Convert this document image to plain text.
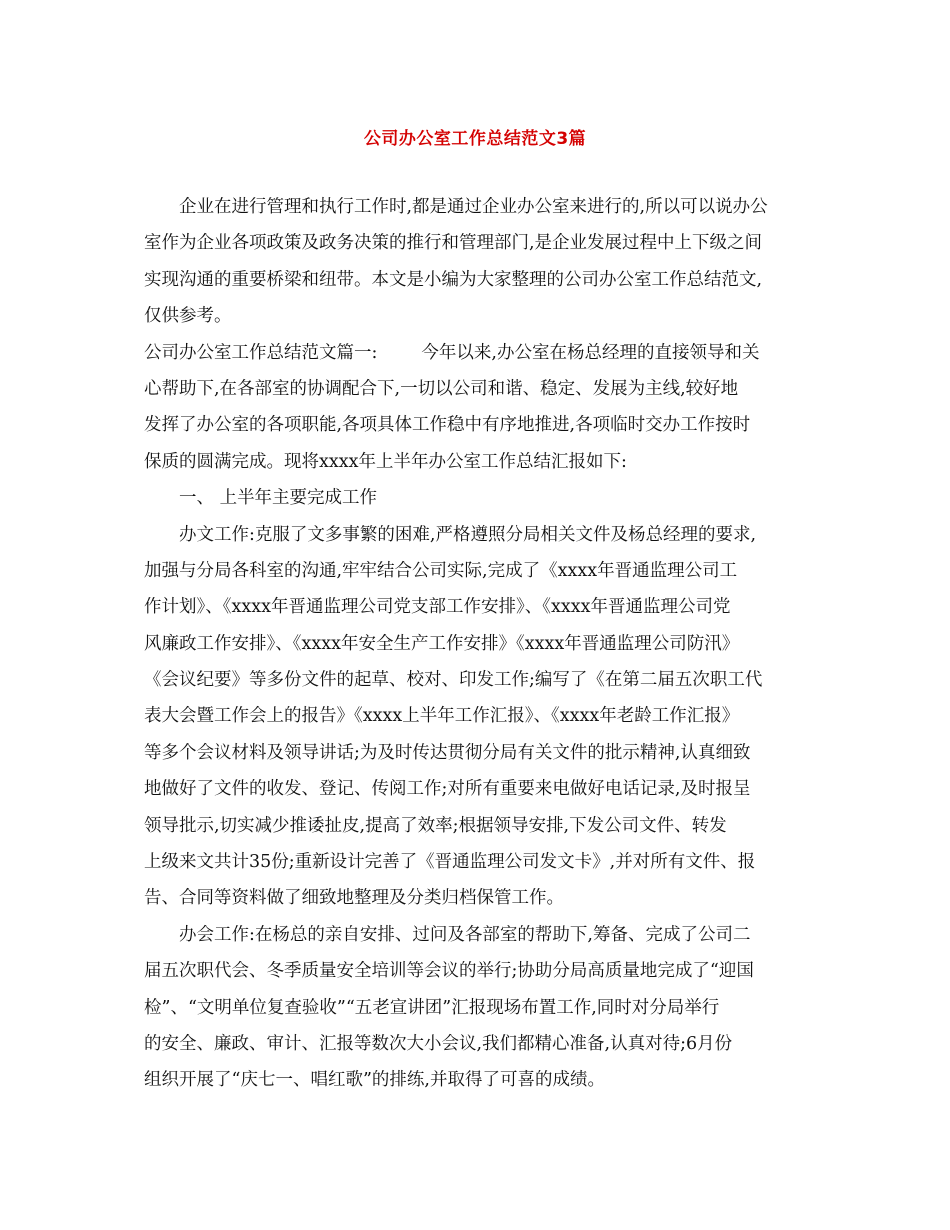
公司办公室工作总结范文3篇
企业在进行管理和执行工作时,都是通过企业办公室来进行的,所以可以说办公
室作为企业各项政策及政务决策的推行和管理部门,是企业发展过程中上下级之间
实现沟通的重要桥梁和纽带。本文是小编为大家整理的公司办公室工作总结范文,
仅供参考。
公司办公室工作总结范文篇一:	今年以来,办公室在杨总经理的直接领导和关
心帮助下,在各部室的协调配合下,一切以公司和谐、稳定、发展为主线,较好地
发挥了办公室的各项职能,各项具体工作稳中有序地推进,各项临时交办工作按时
保质的圆满完成。现将xxxx年上半年办公室工作总结汇报如下:
一、 上半年主要完成工作
办文工作:克服了文多事繁的困难,严格遵照分局相关文件及杨总经理的要求,
加强与分局各科室的沟通,牢牢结合公司实际,完成了《xxxx年晋通监理公司工
作计划》、《xxxx年晋通监理公司党支部工作安排》、《xxxx年晋通监理公司党
风廉政工作安排》、《xxxx年安全生产工作安排》《xxxx年晋通监理公司防汛》
《会议纪要》等多份文件的起草、校对、印发工作;编写了《在第二届五次职工代
表大会暨工作会上的报告》《xxxx上半年工作汇报》、《xxxx年老龄工作汇报》
等多个会议材料及领导讲话;为及时传达贯彻分局有关文件的批示精神,认真细致
地做好了文件的收发、登记、传阅工作;对所有重要来电做好电话记录,及时报呈
领导批示,切实减少推诿扯皮,提高了效率;根据领导安排,下发公司文件、转发
上级来文共计35份;重新设计完善了《晋通监理公司发文卡》,并对所有文件、报
告、合同等资料做了细致地整理及分类归档保管工作。
办会工作:在杨总的亲自安排、过问及各部室的帮助下,筹备、完成了公司二
届五次职代会、冬季质量安全培训等会议的举行;协助分局高质量地完成了“迎国
检”、“文明单位复查验收”“五老宣讲团”汇报现场布置工作,同时对分局举行
的安全、廉政、审计、汇报等数次大小会议,我们都精心准备,认真对待;6月份
组织开展了“庆七一、唱红歌”的排练,并取得了可喜的成绩。
